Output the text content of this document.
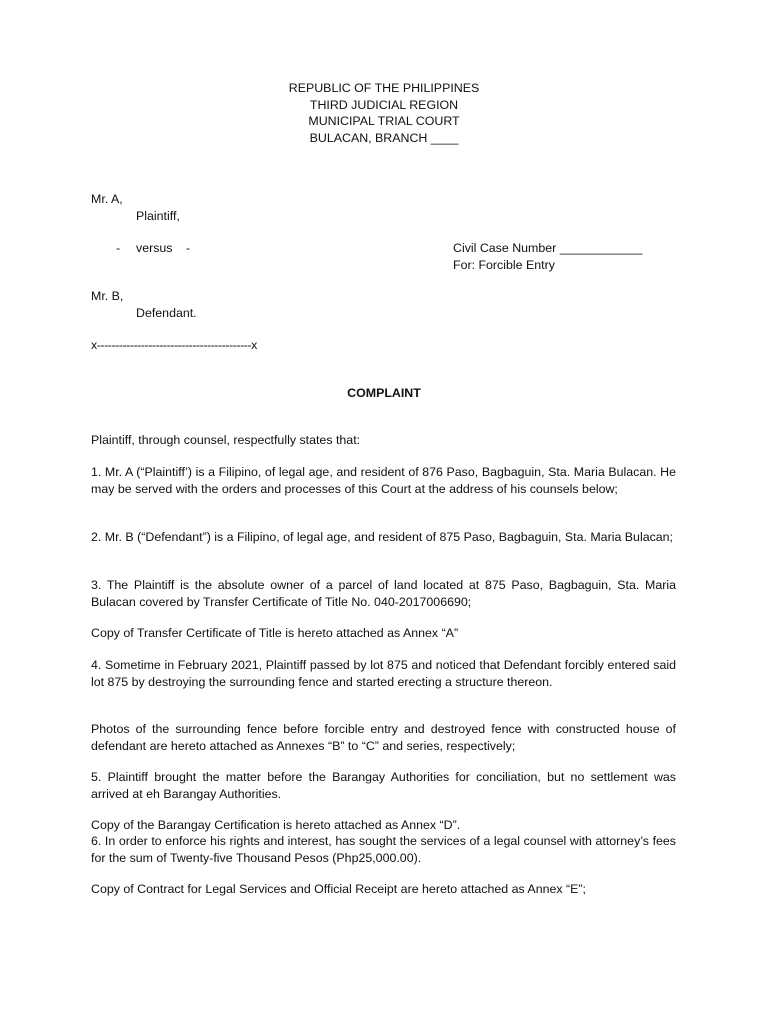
REPUBLIC OF THE PHILIPPINES
THIRD JUDICIAL REGION
MUNICIPAL TRIAL COURT
BULACAN, BRANCH ____
Mr. A,
Plaintiff,
- versus -	Civil Case Number ____________
For: Forcible Entry
Mr. B,
Defendant.
x------------------------------------------x
COMPLAINT

Plaintiff, through counsel, respectfully states that:

1. Mr. A (“Plaintiff’) is a Filipino, of legal age, and resident of 876 Paso, Bagbaguin, Sta. Maria Bulacan. He may be served with the orders and processes of this Court at the address of his counsels below;

2. Mr. B (“Defendant”) is a Filipino, of legal age, and resident of 875 Paso, Bagbaguin, Sta. Maria Bulacan;

3. The Plaintiff is the absolute owner of a parcel of land located at 875 Paso, Bagbaguin, Sta. Maria Bulacan covered by Transfer Certificate of Title No. 040-2017006690;

Copy of Transfer Certificate of Title is hereto attached as Annex “A”

4. Sometime in February 2021, Plaintiff passed by lot 875 and noticed that Defendant forcibly entered said lot 875 by destroying the surrounding fence and started erecting a structure thereon.

Photos of the surrounding fence before forcible entry and destroyed fence with constructed house of defendant are hereto attached as Annexes “B” to “C” and series, respectively;

5. Plaintiff brought the matter before the Barangay Authorities for conciliation, but no settlement was arrived at eh Barangay Authorities.

Copy of the Barangay Certification is hereto attached as Annex “D”.

6. In order to enforce his rights and interest, has sought the services of a legal counsel with attorney’s fees for the sum of Twenty-five Thousand Pesos (Php25,000.00).

Copy of Contract for Legal Services and Official Receipt are hereto attached as Annex “E”;
